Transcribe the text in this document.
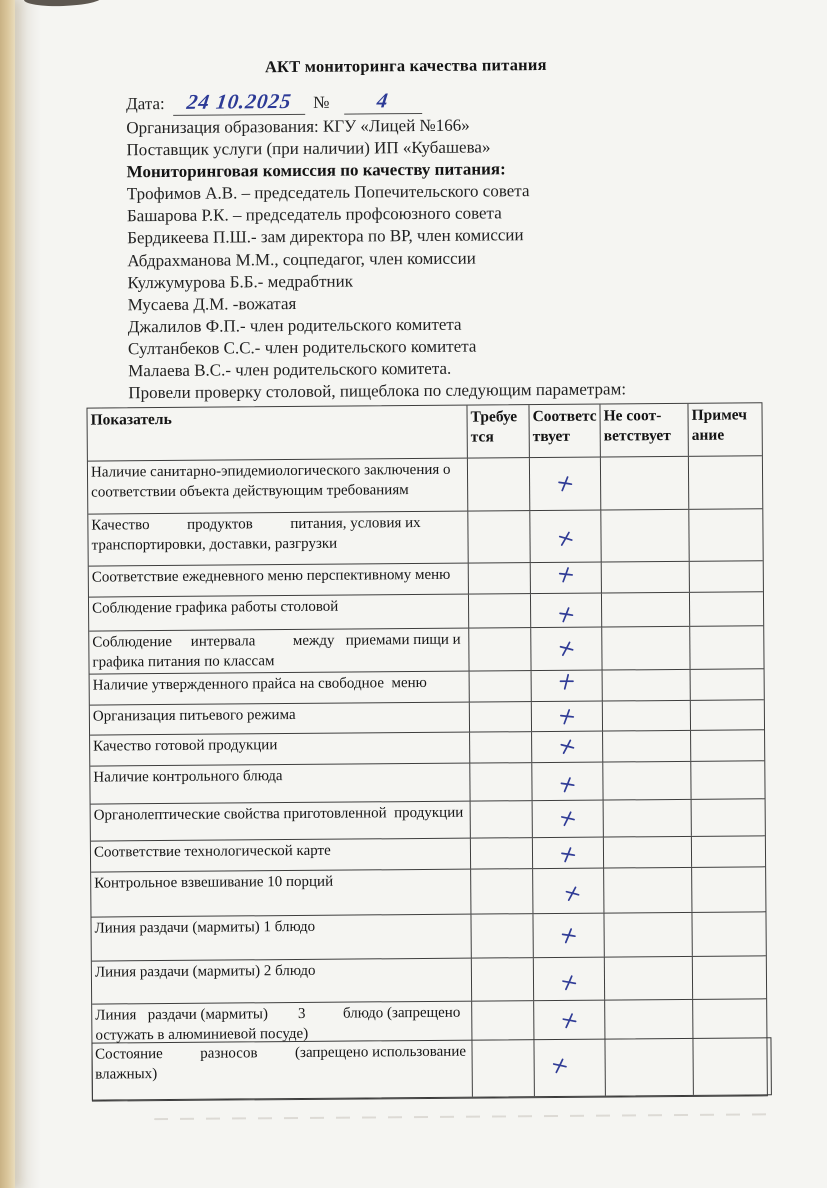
АКТ мониторинга качества питания
Дата: 24 10.2025 № 4
Организация образования: КГУ «Лицей №166»
Поставщик услуги (при наличии) ИП «Кубашева»
Мониторинговая комиссия по качеству питания:
Трофимов А.В. – председатель Попечительского совета
Башарова Р.К. – председатель профсоюзного совета
Бердикеева П.Ш.- зам директора по ВР, член комиссии
Абдрахманова М.М., соцпедагог, член комиссии
Кулжумурова Б.Б.- медрабтник
Мусаева Д.М. -вожатая
Джалилов Ф.П.- член родительского комитета
Султанбеков С.С.- член родительского комитета
Малаева В.С.- член родительского комитета.
Провели проверку столовой, пищеблока по следующим параметрам:
Показатель	Требуе
тся
Соответс
твует
Не соот-
ветствует
Примеч
ание
Наличие санитарно-эпидемиологического заключения о
соответствии объекта действующим требованиям
Качество          продуктов          питания, условия их
транспортировки, доставки, разгрузки
Соответствие ежедневного меню перспективному меню
Соблюдение графика работы столовой
Соблюдение     интервала          между   приемами пищи и
графика питания по классам
Наличие утвержденного прайса на свободное  меню
Организация питьевого режима
Качество готовой продукции
Наличие контрольного блюда
Органолептические свойства приготовленной  продукции
Соответствие технологической карте
Контрольное взвешивание 10 порций
Линия раздачи (мармиты) 1 блюдо
Линия раздачи (мармиты) 2 блюдо
Линия   раздачи (мармиты)        3          блюдо (запрещено
остужать в алюминиевой посуде)
Состояние          разносов          (запрещено использование
влажных)
